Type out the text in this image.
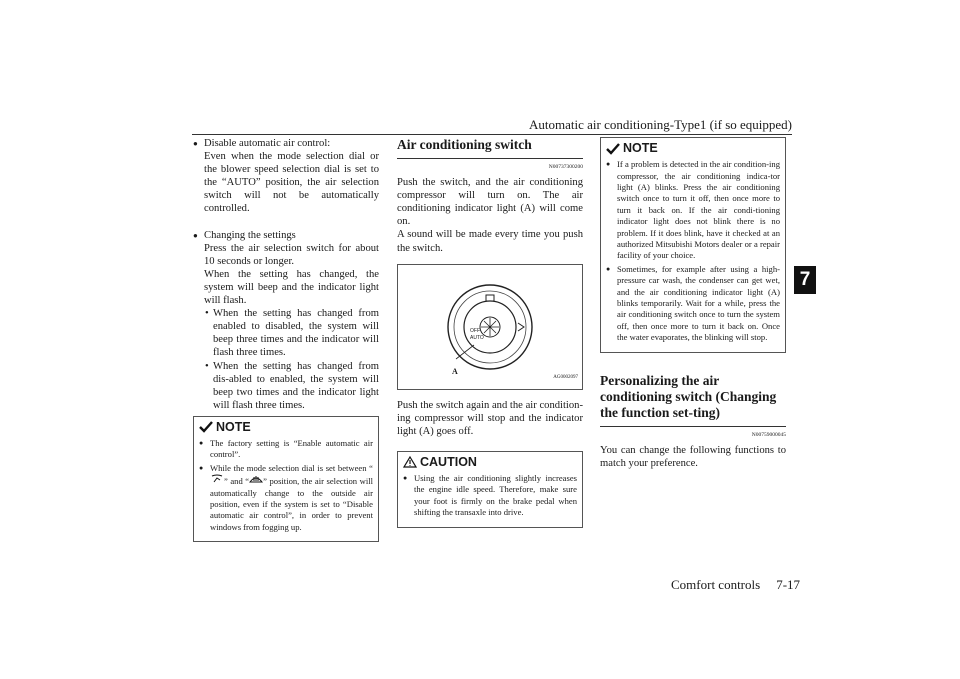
Automatic air conditioning-Type1 (if so equipped)
7
● Disable automatic air control:
Even when the mode selection dial or the blower speed selection dial is set to the “AUTO” position, the air selection switch will not be automatically controlled.
● Changing the settings
Press the air selection switch for about 10 seconds or longer.
When the setting has changed, the system will beep and the indicator light will flash.
• When the setting has changed from enabled to disabled, the system will beep three times and the indicator will flash three times.
• When the setting has changed from dis-abled to enabled, the system will beep two times and the indicator light will flash three times.
NOTE
● The factory setting is “Enable automatic air control”.
● While the mode selection dial is set between “” and “ ” position, the air selection will automatically change to the outside air position, even if the system is set to “Disable automatic air control”, in order to prevent windows from fogging up.
Air conditioning switch
N00737300200

Push the switch, and the air conditioning compressor will turn on. The air conditioning indicator light (A) will come on.

A sound will be made every time you push the switch.

OFF
AUTO
A
AG0002097

Push the switch again and the air condition-ing compressor will stop and the indicator light (A) goes off.

CAUTION
● Using the air conditioning slightly increases the engine idle speed. Therefore, make sure your foot is firmly on the brake pedal when shifting the transaxle into drive.
NOTE
● If a problem is detected in the air condition-ing compressor, the air conditioning indica-tor light (A) blinks. Press the air conditioning switch once to turn it off, then once more to turn it back on. If the air condi-tioning indicator light does not blink there is no problem. If it does blink, have it checked at an authorized Mitsubishi Motors dealer or a repair facility of your choice.
● Sometimes, for example after using a high-pressure car wash, the condenser can get wet, and the air conditioning indicator light (A) blinks temporarily. Wait for a while, press the air conditioning switch once to turn the system off, then once more to turn it back on. Once the water evaporates, the blinking will stop.
Personalizing the air conditioning switch (Changing the function set-ting)
N00759000045

You can change the following functions to match your preference.

Comfort controls 7-17
